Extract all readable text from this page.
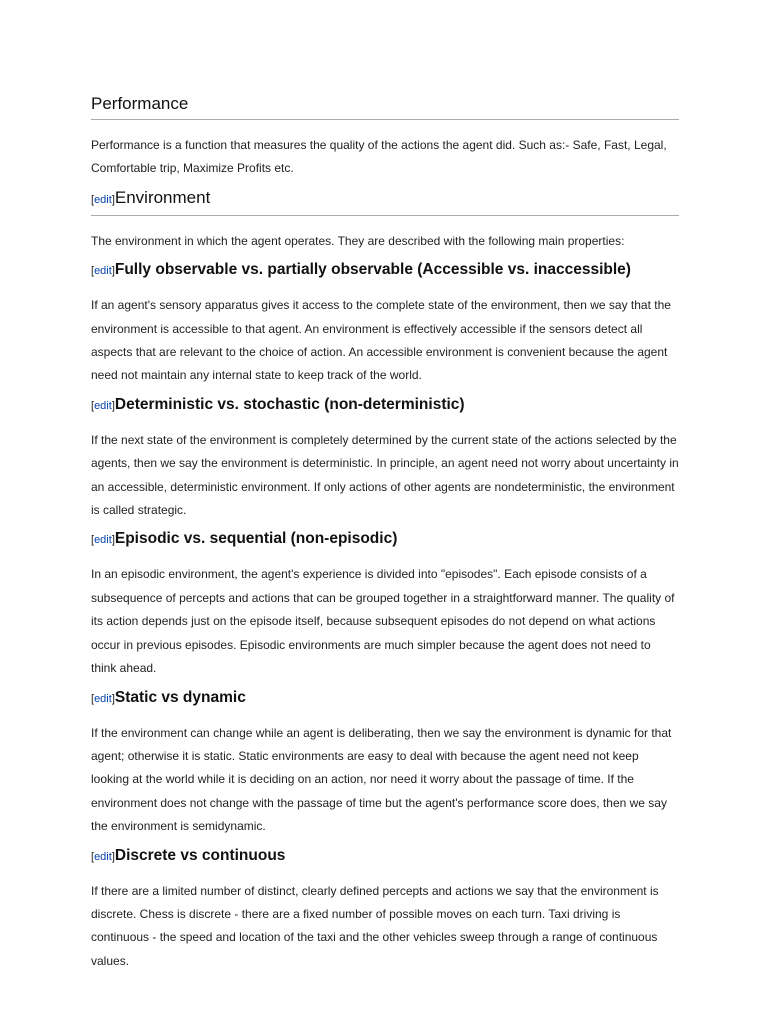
Performance

Performance is a function that measures the quality of the actions the agent did. Such as:- Safe, Fast, Legal, Comfortable trip, Maximize Profits etc.

[edit]Environment

The environment in which the agent operates. They are described with the following main properties:

[edit]Fully observable vs. partially observable (Accessible vs. inaccessible)

If an agent's sensory apparatus gives it access to the complete state of the environment, then we say that the environment is accessible to that agent. An environment is effectively accessible if the sensors detect all aspects that are relevant to the choice of action. An accessible environment is convenient because the agent need not maintain any internal state to keep track of the world.

[edit]Deterministic vs. stochastic (non-deterministic)

If the next state of the environment is completely determined by the current state of the actions selected by the agents, then we say the environment is deterministic. In principle, an agent need not worry about uncertainty in an accessible, deterministic environment. If only actions of other agents are nondeterministic, the environment is called strategic.

[edit]Episodic vs. sequential (non-episodic)

In an episodic environment, the agent's experience is divided into "episodes". Each episode consists of a subsequence of percepts and actions that can be grouped together in a straightforward manner. The quality of its action depends just on the episode itself, because subsequent episodes do not depend on what actions occur in previous episodes. Episodic environments are much simpler because the agent does not need to think ahead.

[edit]Static vs dynamic

If the environment can change while an agent is deliberating, then we say the environment is dynamic for that agent; otherwise it is static. Static environments are easy to deal with because the agent need not keep looking at the world while it is deciding on an action, nor need it worry about the passage of time. If the environment does not change with the passage of time but the agent's performance score does, then we say the environment is semidynamic.

[edit]Discrete vs continuous

If there are a limited number of distinct, clearly defined percepts and actions we say that the environment is discrete. Chess is discrete - there are a fixed number of possible moves on each turn. Taxi driving is continuous - the speed and location of the taxi and the other vehicles sweep through a range of continuous values.
